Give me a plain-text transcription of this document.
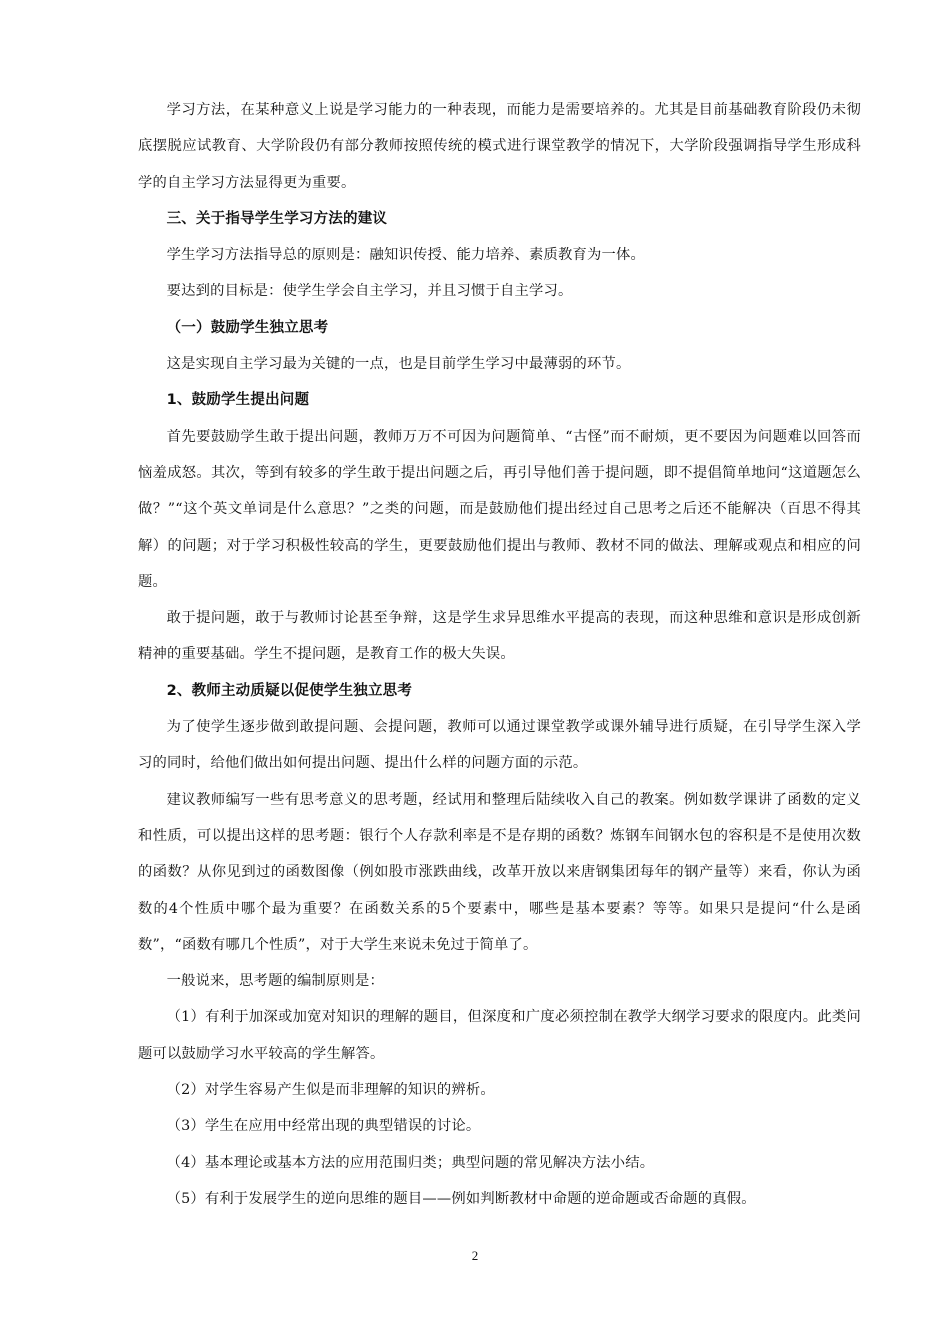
学习方法，在某种意义上说是学习能力的一种表现，而能力是需要培养的。尤其是目前基础教育阶段仍未彻底摆脱应试教育、大学阶段仍有部分教师按照传统的模式进行课堂教学的情况下，大学阶段强调指导学生形成科学的自主学习方法显得更为重要。

三、关于指导学生学习方法的建议

学生学习方法指导总的原则是：融知识传授、能力培养、素质教育为一体。

要达到的目标是：使学生学会自主学习，并且习惯于自主学习。

（一）鼓励学生独立思考

这是实现自主学习最为关键的一点，也是目前学生学习中最薄弱的环节。

1、鼓励学生提出问题

首先要鼓励学生敢于提出问题，教师万万不可因为问题简单、“古怪”而不耐烦，更不要因为问题难以回答而恼羞成怒。其次，等到有较多的学生敢于提出问题之后，再引导他们善于提问题，即不提倡简单地问“这道题怎么做？”“这个英文单词是什么意思？”之类的问题，而是鼓励他们提出经过自己思考之后还不能解决（百思不得其解）的问题；对于学习积极性较高的学生，更要鼓励他们提出与教师、教材不同的做法、理解或观点和相应的问题。

敢于提问题，敢于与教师讨论甚至争辩，这是学生求异思维水平提高的表现，而这种思维和意识是形成创新精神的重要基础。学生不提问题，是教育工作的极大失误。

2、教师主动质疑以促使学生独立思考

为了使学生逐步做到敢提问题、会提问题，教师可以通过课堂教学或课外辅导进行质疑，在引导学生深入学习的同时，给他们做出如何提出问题、提出什么样的问题方面的示范。

建议教师编写一些有思考意义的思考题，经试用和整理后陆续收入自己的教案。例如数学课讲了函数的定义和性质，可以提出这样的思考题：银行个人存款利率是不是存期的函数？炼钢车间钢水包的容积是不是使用次数的函数？从你见到过的函数图像（例如股市涨跌曲线，改革开放以来唐钢集团每年的钢产量等）来看，你认为函数的4个性质中哪个最为重要？在函数关系的5个要素中，哪些是基本要素？等等。如果只是提问“什么是函数”，“函数有哪几个性质”，对于大学生来说未免过于简单了。

一般说来，思考题的编制原则是：

（1）有利于加深或加宽对知识的理解的题目，但深度和广度必须控制在教学大纲学习要求的限度内。此类问题可以鼓励学习水平较高的学生解答。

（2）对学生容易产生似是而非理解的知识的辨析。

（3）学生在应用中经常出现的典型错误的讨论。

（4）基本理论或基本方法的应用范围归类；典型问题的常见解决方法小结。

（5）有利于发展学生的逆向思维的题目——例如判断教材中命题的逆命题或否命题的真假。

2
